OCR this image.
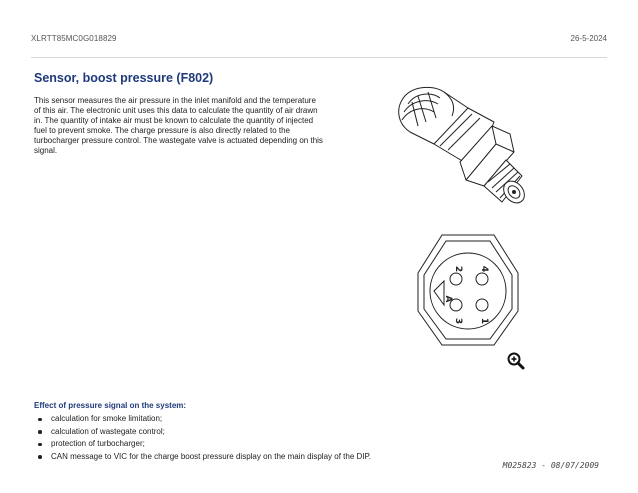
XLRTT85MC0G018829	26-5-2024
Sensor, boost pressure (F802)

This sensor measures the air pressure in the inlet manifold and the temperature of this air. The electronic unit uses this data to calculate the quantity of air drawn in. The quantity of intake air must be known to calculate the quantity of injected fuel to prevent smoke. The charge pressure is also directly related to the turbocharger pressure control. The wastegate valve is actuated depending on this signal.

1
2
3
4
A
Effect of pressure signal on the system:
calculation for smoke limitation;
calculation of wastegate control;
protection of turbocharger;
CAN message to VIC for the charge boost pressure display on the main display of the DIP.
M025823 - 08/07/2009
